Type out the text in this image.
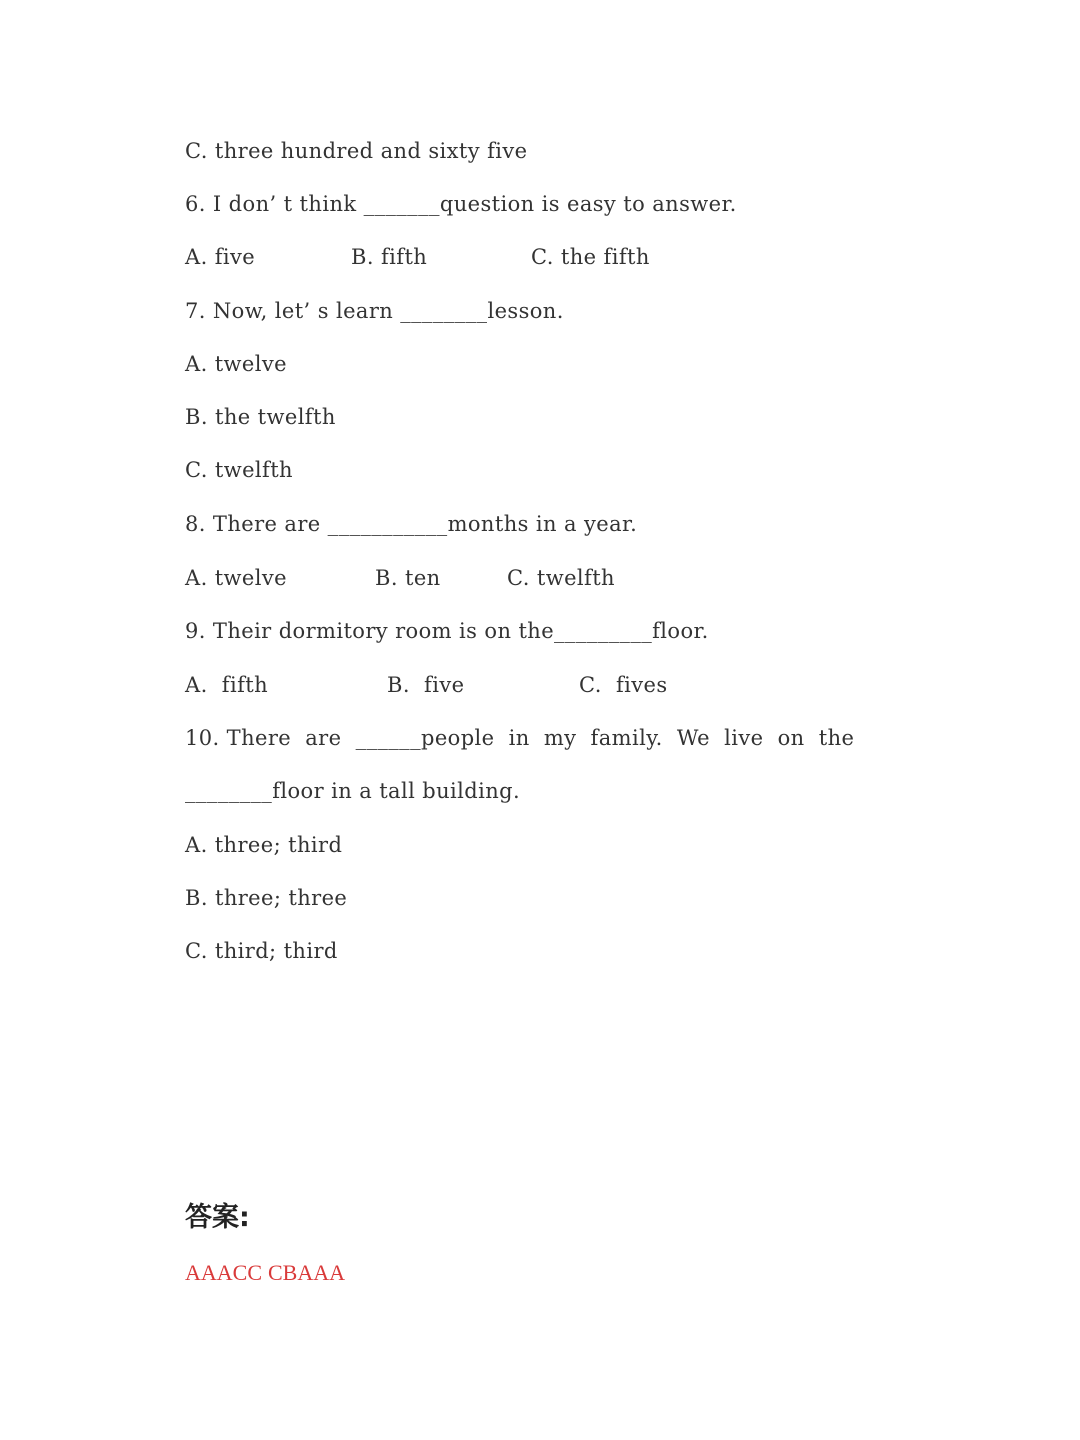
C. three hundred and sixty five
6. I don’ t think _______question is easy to answer.
A. five	B. fifth	C. the fifth
7. Now, let’ s learn ________lesson.
A. twelve
B. the twelfth
C. twelfth
8. There are ___________months in a year.
A. twelve	B. ten	C. twelfth
9. Their dormitory room is on the_________floor.
A.  fifth	B.  five	C.  fives
10. There  are  ______people  in  my  family.  We  live  on  the
________floor in a tall building.
A. three; third
B. three; three
C. third; third
答案:
AAACC CBAAA
